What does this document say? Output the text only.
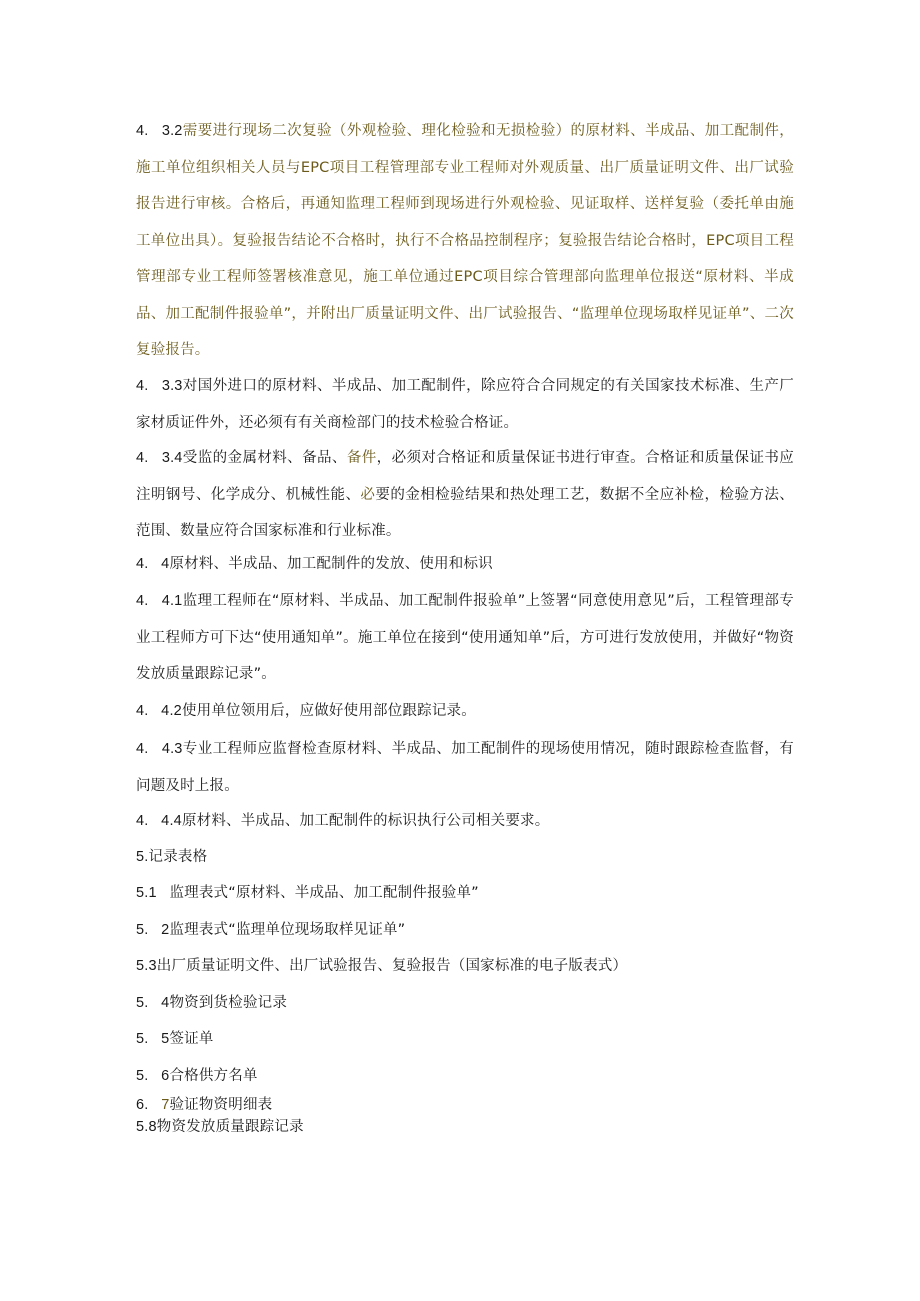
4.   3.2需要进行现场二次复验（外观检验、理化检验和无损检验）的原材料、半成品、加工配制件，施工单位组织相关人员与EPC项目工程管理部专业工程师对外观质量、出厂质量证明文件、出厂试验报告进行审核。合格后，再通知监理工程师到现场进行外观检验、见证取样、送样复验（委托单由施工单位出具）。复验报告结论不合格时，执行不合格品控制程序；复验报告结论合格时，EPC项目工程管理部专业工程师签署核准意见，施工单位通过EPC项目综合管理部向监理单位报送“原材料、半成品、加工配制件报验单”，并附出厂质量证明文件、出厂试验报告、“监理单位现场取样见证单”、二次复验报告。

4.   3.3对国外进口的原材料、半成品、加工配制件，除应符合合同规定的有关国家技术标准、生产厂家材质证件外，还必须有有关商检部门的技术检验合格证。

4.   3.4受监的金属材料、备品、备件，必须对合格证和质量保证书进行审查。合格证和质量保证书应注明钢号、化学成分、机械性能、必要的金相检验结果和热处理工艺，数据不全应补检，检验方法、范围、数量应符合国家标准和行业标准。

4.   4原材料、半成品、加工配制件的发放、使用和标识

4.   4.1监理工程师在“原材料、半成品、加工配制件报验单”上签署“同意使用意见”后，工程管理部专业工程师方可下达“使用通知单”。施工单位在接到“使用通知单”后，方可进行发放使用，并做好“物资发放质量跟踪记录”。

4.   4.2使用单位领用后，应做好使用部位跟踪记录。

4.   4.3专业工程师应监督检查原材料、半成品、加工配制件的现场使用情况，随时跟踪检查监督，有问题及时上报。

4.   4.4原材料、半成品、加工配制件的标识执行公司相关要求。

5.记录表格

5.1   监理表式“原材料、半成品、加工配制件报验单”

5.   2监理表式“监理单位现场取样见证单”

5.3出厂质量证明文件、出厂试验报告、复验报告（国家标准的电子版表式）

5.   4物资到货检验记录

5.   5签证单

5.   6合格供方名单

6.   7验证物资明细表

5.8物资发放质量跟踪记录
